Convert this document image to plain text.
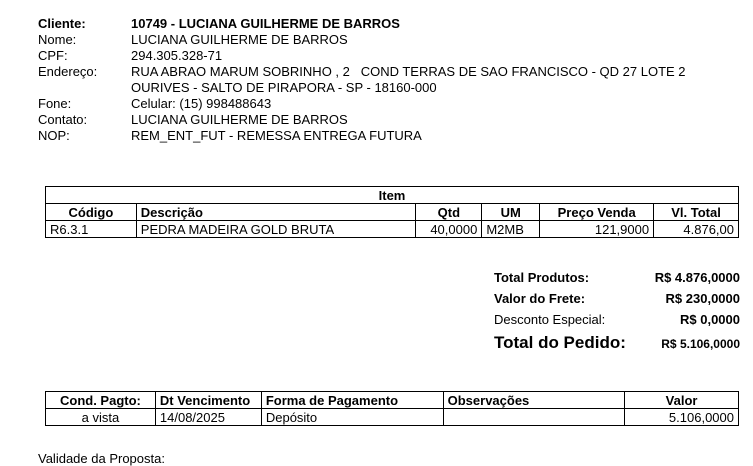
Cliente:	10749 - LUCIANA GUILHERME DE BARROS
Nome:	LUCIANA GUILHERME DE BARROS
CPF:	294.305.328-71
Endereço:	RUA ABRAO MARUM SOBRINHO , 2   COND TERRAS DE SAO FRANCISCO - QD 27 LOTE 2
OURIVES - SALTO DE PIRAPORA - SP - 18160-000
Fone:	Celular: (15) 998488643
Contato:	LUCIANA GUILHERME DE BARROS
NOP:	REM_ENT_FUT - REMESSA ENTREGA FUTURA
Item					
Código	Descrição	Qtd	UM	Preço Venda	Vl. Total
R6.3.1	PEDRA MADEIRA GOLD BRUTA	40,0000	M2MB	121,9000	4.876,00
Total Produtos:	R$ 4.876,0000
Valor do Frete:	R$ 230,0000
Desconto Especial:	R$ 0,0000
Total do Pedido:	R$ 5.106,0000
Cond. Pagto:	Dt Vencimento	Forma de Pagamento	Observações	Valor
a vista	14/08/2025	Depósito		5.106,0000
Validade da Proposta:
